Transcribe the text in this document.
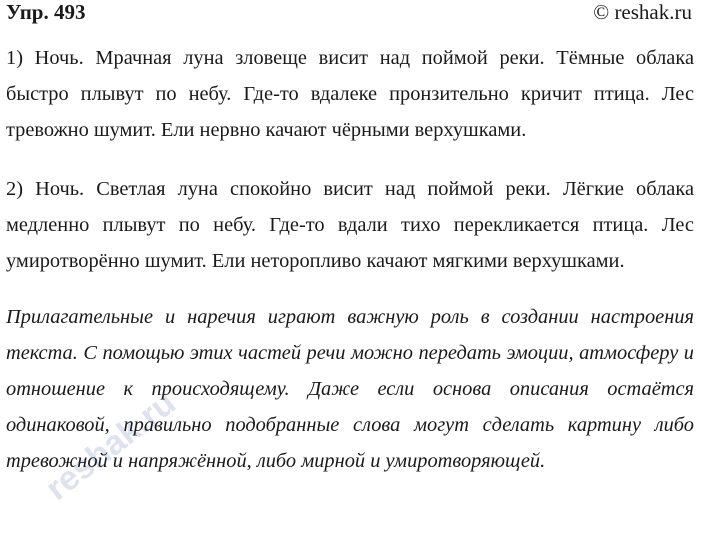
Упр. 493	© reshak.ru

1) Ночь. Мрачная луна зловеще висит над поймой реки. Тёмные облака быстро плывут по небу. Где-то вдалеке пронзительно кричит птица. Лес тревожно шумит. Ели нервно качают чёрными верхушками.

2) Ночь. Светлая луна спокойно висит над поймой реки. Лёгкие облака медленно плывут по небу. Где-то вдали тихо перекликается птица. Лес умиротворённо шумит. Ели неторопливо качают мягкими верхушками.

Прилагательные и наречия играют важную роль в создании настроения текста. С помощью этих частей речи можно передать эмоции, атмосферу и отношение к происходящему. Даже если основа описания остаётся одинаковой, правильно подобранные слова могут сделать картину либо тревожной и напряжённой, либо мирной и умиротворяющей.

reshak.ru
